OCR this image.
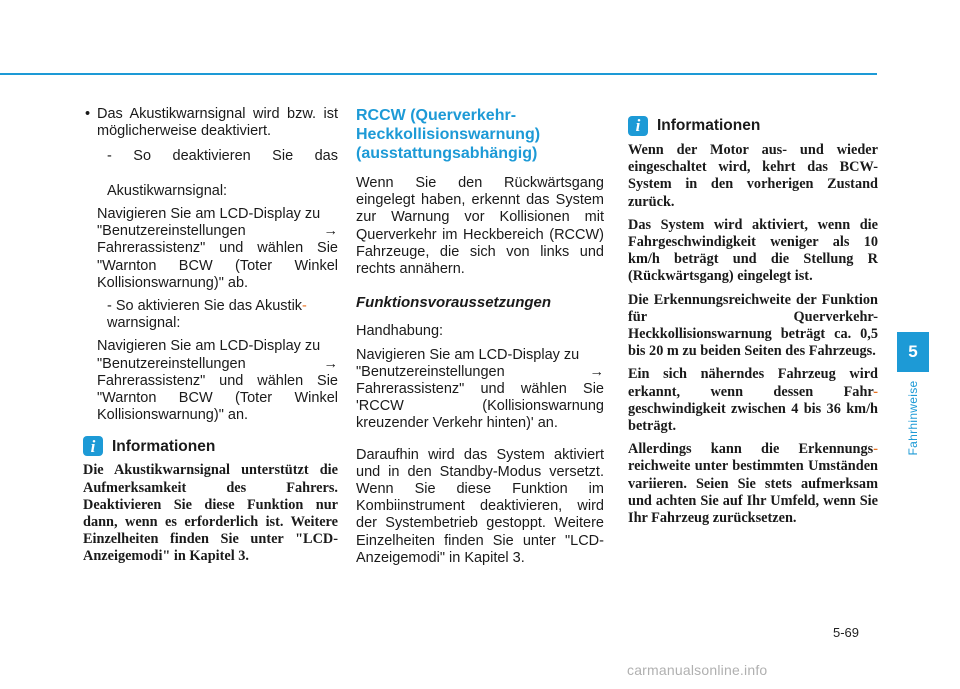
• Das Akustikwarnsignal wird bzw. ist möglicherweise deaktiviert.

- So deaktivieren Sie das

Akustikwarnsignal:

Navigieren Sie am LCD-Display zu

"Benutzereinstellungen	→

Fahrerassistenz" und wählen Sie "Warnton BCW (Toter Winkel Kollisionswarnung)" ab.

- So aktivieren Sie das Akustik-

warnsignal:

Navigieren Sie am LCD-Display zu

"Benutzereinstellungen	→

Fahrerassistenz" und wählen Sie "Warnton BCW (Toter Winkel Kollisionswarnung)" an.

i	Informationen

Die Akustikwarnsignal unterstützt die Aufmerksamkeit des Fahrers. Deaktivieren Sie diese Funktion nur dann, wenn es erforderlich ist. Weitere Einzelheiten finden Sie unter "LCD-Anzeigemodi" in Kapitel 3.

RCCW (Querverkehr-Heckkollisionswarnung) (ausstattungsabhängig)

Wenn Sie den Rückwärtsgang eingelegt haben, erkennt das System zur Warnung vor Kollisionen mit Querverkehr im Heckbereich (RCCW) Fahrzeuge, die sich von links und rechts annähern.

Funktionsvoraussetzungen

Handhabung:

Navigieren Sie am LCD-Display zu

"Benutzereinstellungen	→

Fahrerassistenz" und wählen Sie 'RCCW (Kollisionswarnung kreuzender Verkehr hinten)' an.

Daraufhin wird das System aktiviert und in den Standby-Modus versetzt. Wenn Sie diese Funktion im Kombiinstrument deaktivieren, wird der Systembetrieb gestoppt. Weitere Einzelheiten finden Sie unter "LCD-Anzeigemodi" in Kapitel 3.

i	Informationen

Wenn der Motor aus- und wieder eingeschaltet wird, kehrt das BCW-System in den vorherigen Zustand zurück.

Das System wird aktiviert, wenn die Fahrgeschwindigkeit weniger als 10 km/h beträgt und die Stellung R (Rückwärtsgang) eingelegt ist.

Die Erkennungsreichweite der Funktion für Querverkehr-Heckkollisionswarnung beträgt ca. 0,5 bis 20 m zu beiden Seiten des Fahrzeugs.

Ein sich näherndes Fahrzeug wird erkannt, wenn dessen Fahr- geschwindigkeit zwischen 4 bis 36 km/h beträgt.

Allerdings kann die Erkennungs- reichweite unter bestimmten Umständen variieren. Seien Sie stets aufmerksam und achten Sie auf Ihr Umfeld, wenn Sie Ihr Fahrzeug zurücksetzen.

5
Fahrhinweise
5-69
carmanualsonline.info
